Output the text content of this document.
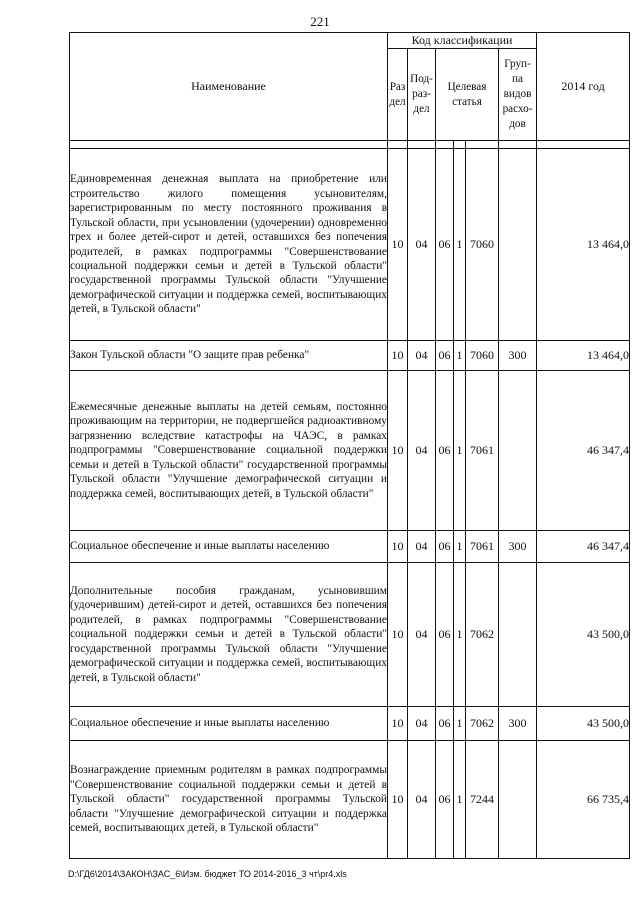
221
Наименование	Код классификации						2014 год
	Раз дел	Под- раз- дел	Целевая статья			Груп- па видов расхо- дов	

Единовременная денежная выплата на приобретение или строительство жилого помещения усыновителям, зарегистрированным по месту постоянного проживания в Тульской области, при усыновлении (удочерении) одновременно трех и более детей-сирот и детей, оставшихся без попечения родителей, в рамках подпрограммы "Совершенствование социальной поддержки семьи и детей в Тульской области" государственной программы Тульской области "Улучшение демографической ситуации и поддержка семей, воспитывающих детей, в Тульской области"	10	04	06	1	7060		13 464,0
Закон Тульской области "О защите прав ребенка"	10	04	06	1	7060	300	13 464,0
Ежемесячные денежные выплаты на детей семьям, постоянно проживающим на территории, не подвергшейся радиоактивному загрязнению вследствие катастрофы на ЧАЭС, в рамках подпрограммы "Совершенствование социальной поддержки семьи и детей в Тульской области" государственной программы Тульской области "Улучшение демографической ситуации и поддержка семей, воспитывающих детей, в Тульской области"	10	04	06	1	7061		46 347,4
Социальное обеспечение и иные выплаты населению	10	04	06	1	7061	300	46 347,4
Дополнительные пособия гражданам, усыновившим (удочерившим) детей-сирот и детей, оставшихся без попечения родителей, в рамках подпрограммы "Совершенствование социальной поддержки семьи и детей в Тульской области" государственной программы Тульской области "Улучшение демографической ситуации и поддержка семей, воспитывающих детей, в Тульской области"	10	04	06	1	7062		43 500,0
Социальное обеспечение и иные выплаты населению	10	04	06	1	7062	300	43 500,0
Вознаграждение приемным родителям в рамках подпрограммы "Совершенствование социальной поддержки семьи и детей в Тульской области" государственной программы Тульской области "Улучшение демографической ситуации и поддержка семей, воспитывающих детей, в Тульской области"	10	04	06	1	7244		66 735,4
D:\ГД6\2014\ЗАКОН\ЗАС_6\Изм. бюджет ТО 2014-2016_3 чт\pr4.xls
